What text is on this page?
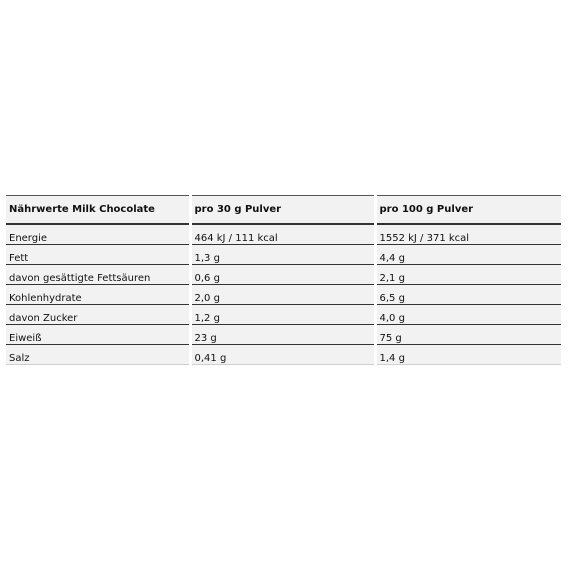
Nährwerte Milk Chocolate	pro 30 g Pulver	pro 100 g Pulver
Energie	464 kJ / 111 kcal	1552 kJ / 371 kcal
Fett	1,3 g	4,4 g
davon gesättigte Fettsäuren	0,6 g	2,1 g
Kohlenhydrate	2,0 g	6,5 g
davon Zucker	1,2 g	4,0 g
Eiweiß	23 g	75 g
Salz	0,41 g	1,4 g
